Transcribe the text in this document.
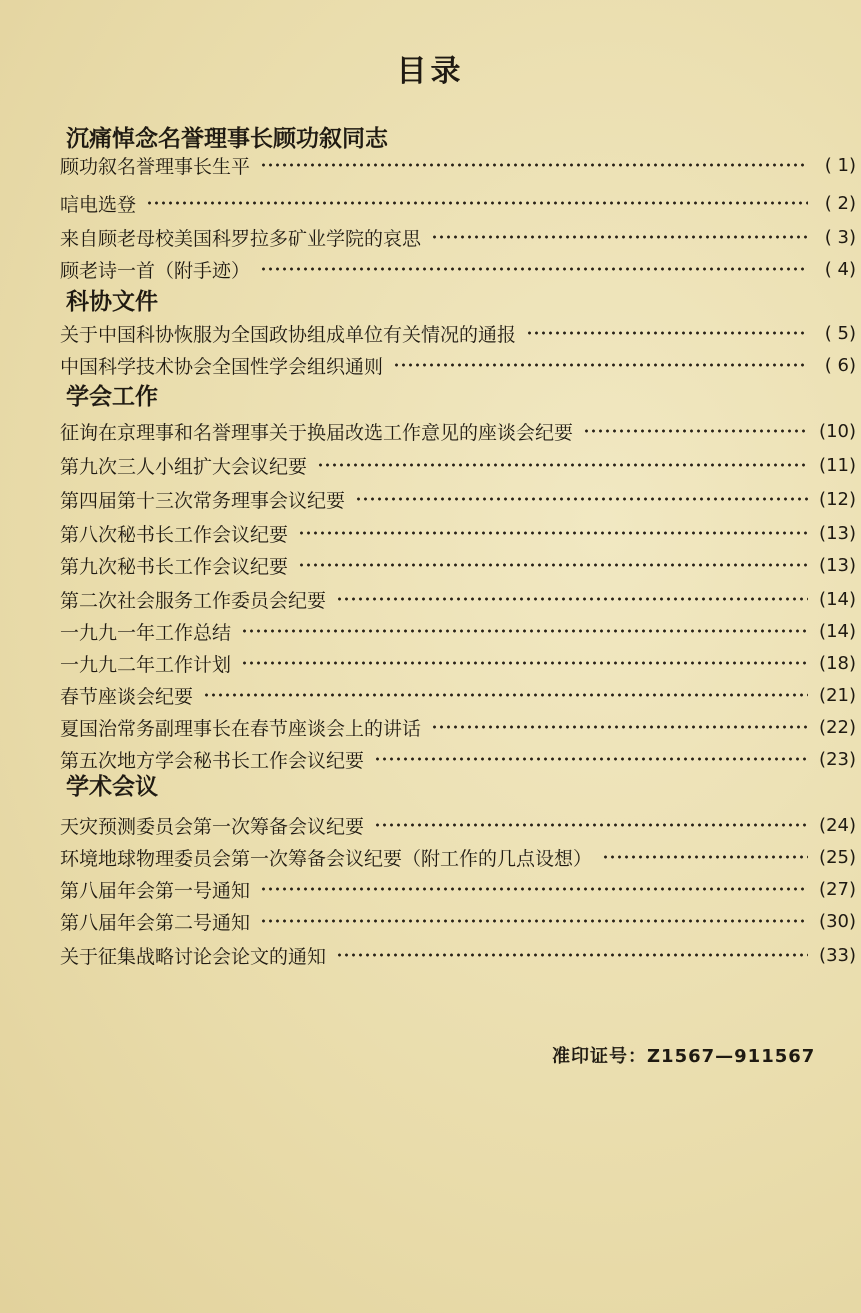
目录
沉痛悼念名誉理事长顾功叙同志
顾功叙名誉理事长生平	( 1)
唁电选登	( 2)
来自顾老母校美国科罗拉多矿业学院的哀思	( 3)
顾老诗一首（附手迹）	( 4)
科协文件
关于中国科协恢服为全国政协组成单位有关情况的通报	( 5)
中国科学技术协会全国性学会组织通则	( 6)
学会工作
征询在京理事和名誉理事关于换届改选工作意见的座谈会纪要	(10)
第九次三人小组扩大会议纪要	(11)
第四届第十三次常务理事会议纪要	(12)
第八次秘书长工作会议纪要	(13)
第九次秘书长工作会议纪要	(13)
第二次社会服务工作委员会纪要	(14)
一九九一年工作总结	(14)
一九九二年工作计划	(18)
春节座谈会纪要	(21)
夏国治常务副理事长在春节座谈会上的讲话	(22)
第五次地方学会秘书长工作会议纪要	(23)
学术会议
天灾预测委员会第一次筹备会议纪要	(24)
环境地球物理委员会第一次筹备会议纪要（附工作的几点设想）	(25)
第八届年会第一号通知	(27)
第八届年会第二号通知	(30)
关于征集战略讨论会论文的通知	(33)
准印证号：Z1567—911567
